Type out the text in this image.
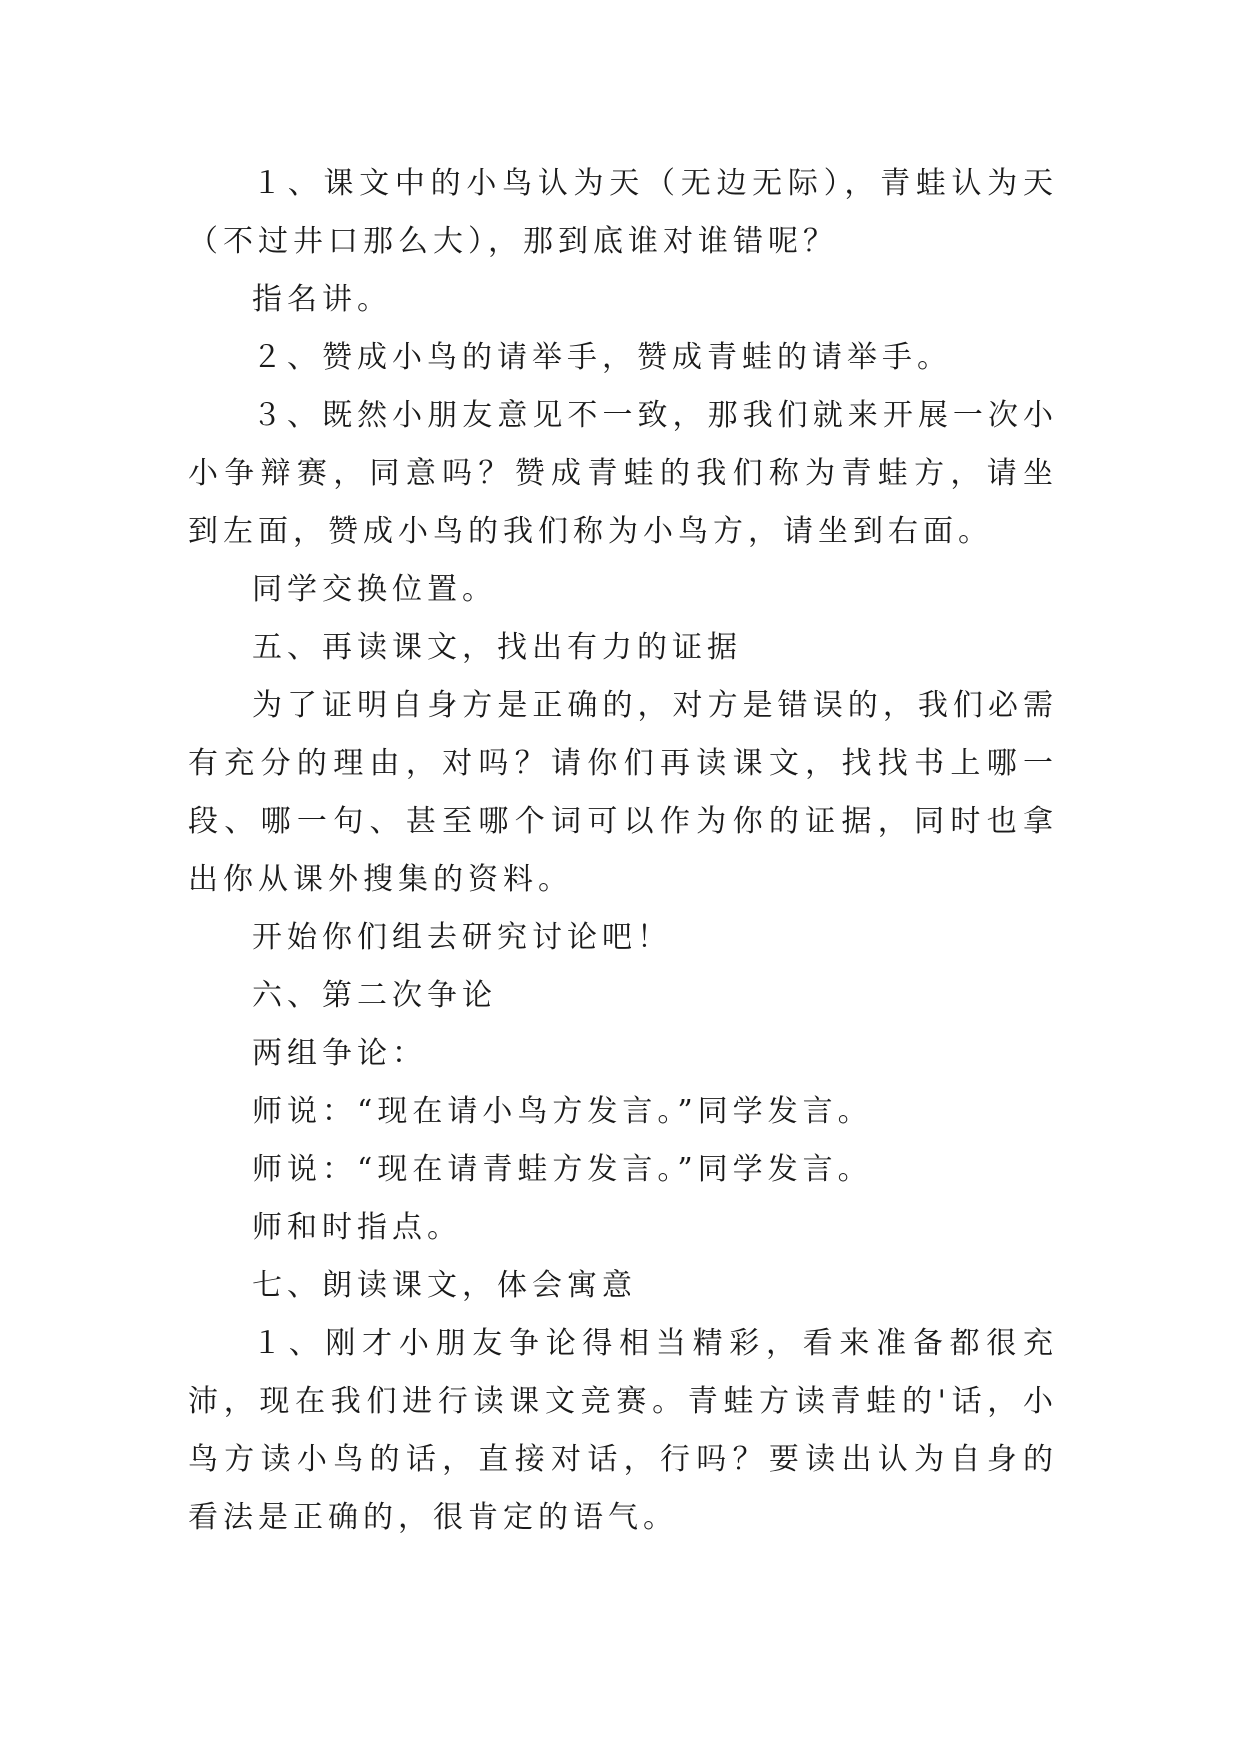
１、课文中的小鸟认为天（无边无际），青蛙认为天（不过井口那么大），那到底谁对谁错呢？

指名讲。

２、赞成小鸟的请举手，赞成青蛙的请举手。

３、既然小朋友意见不一致，那我们就来开展一次小小争辩赛，同意吗？赞成青蛙的我们称为青蛙方，请坐到左面，赞成小鸟的我们称为小鸟方，请坐到右面。

同学交换位置。

五、再读课文，找出有力的证据

为了证明自身方是正确的，对方是错误的，我们必需有充分的理由，对吗？请你们再读课文，找找书上哪一段、哪一句、甚至哪个词可以作为你的证据，同时也拿出你从课外搜集的资料。

开始你们组去研究讨论吧！

六、第二次争论

两组争论：

师说：“现在请小鸟方发言。”同学发言。

师说：“现在请青蛙方发言。”同学发言。

师和时指点。

七、朗读课文，体会寓意

１、刚才小朋友争论得相当精彩，看来准备都很充沛，现在我们进行读课文竞赛。青蛙方读青蛙的'话，小鸟方读小鸟的话，直接对话，行吗？要读出认为自身的看法是正确的，很肯定的语气。
